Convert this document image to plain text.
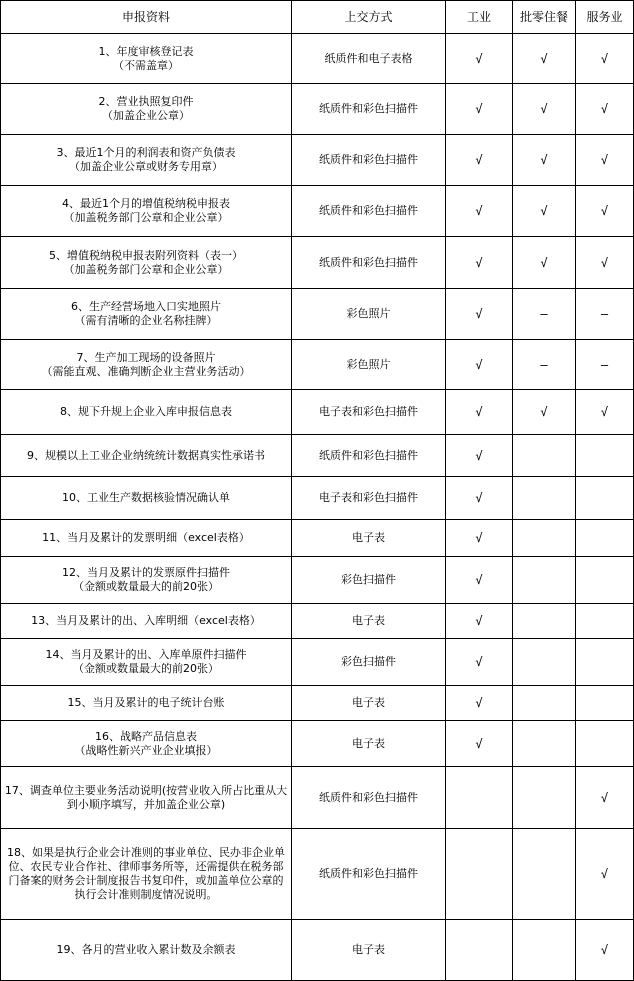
申报资料	上交方式	工业	批零住餐	服务业
1、年度审核登记表
（不需盖章）	纸质件和电子表格	√	√	√
2、营业执照复印件
（加盖企业公章）	纸质件和彩色扫描件	√	√	√
3、最近1个月的利润表和资产负债表
（加盖企业公章或财务专用章）	纸质件和彩色扫描件	√	√	√
4、最近1个月的增值税纳税申报表
（加盖税务部门公章和企业公章）	纸质件和彩色扫描件	√	√	√
5、增值税纳税申报表附列资料（表一）
（加盖税务部门公章和企业公章）	纸质件和彩色扫描件	√	√	√
6、生产经营场地入口实地照片
（需有清晰的企业名称挂牌）	彩色照片	√	—	—
7、生产加工现场的设备照片
（需能直观、准确判断企业主营业务活动）	彩色照片	√	—	—
8、规下升规上企业入库申报信息表	电子表和彩色扫描件	√	√	√
9、规模以上工业企业纳统统计数据真实性承诺书	纸质件和彩色扫描件	√		
10、工业生产数据核验情况确认单	电子表和彩色扫描件	√		
11、当月及累计的发票明细（excel表格）	电子表	√		
12、当月及累计的发票原件扫描件
（金额或数量最大的前20张）	彩色扫描件	√		
13、当月及累计的出、入库明细（excel表格）	电子表	√		
14、当月及累计的出、入库单原件扫描件
（金额或数量最大的前20张）	彩色扫描件	√		
15、当月及累计的电子统计台账	电子表	√		
16、战略产品信息表
（战略性新兴产业企业填报）	电子表	√		
17、调查单位主要业务活动说明(按营业收入所占比重从大到小顺序填写，并加盖企业公章)	纸质件和彩色扫描件			√
18、如果是执行企业会计准则的事业单位、民办非企业单位、农民专业合作社、律师事务所等，还需提供在税务部门备案的财务会计制度报告书复印件，或加盖单位公章的执行会计准则制度情况说明。	纸质件和彩色扫描件			√
19、各月的营业收入累计数及余额表	电子表			√
